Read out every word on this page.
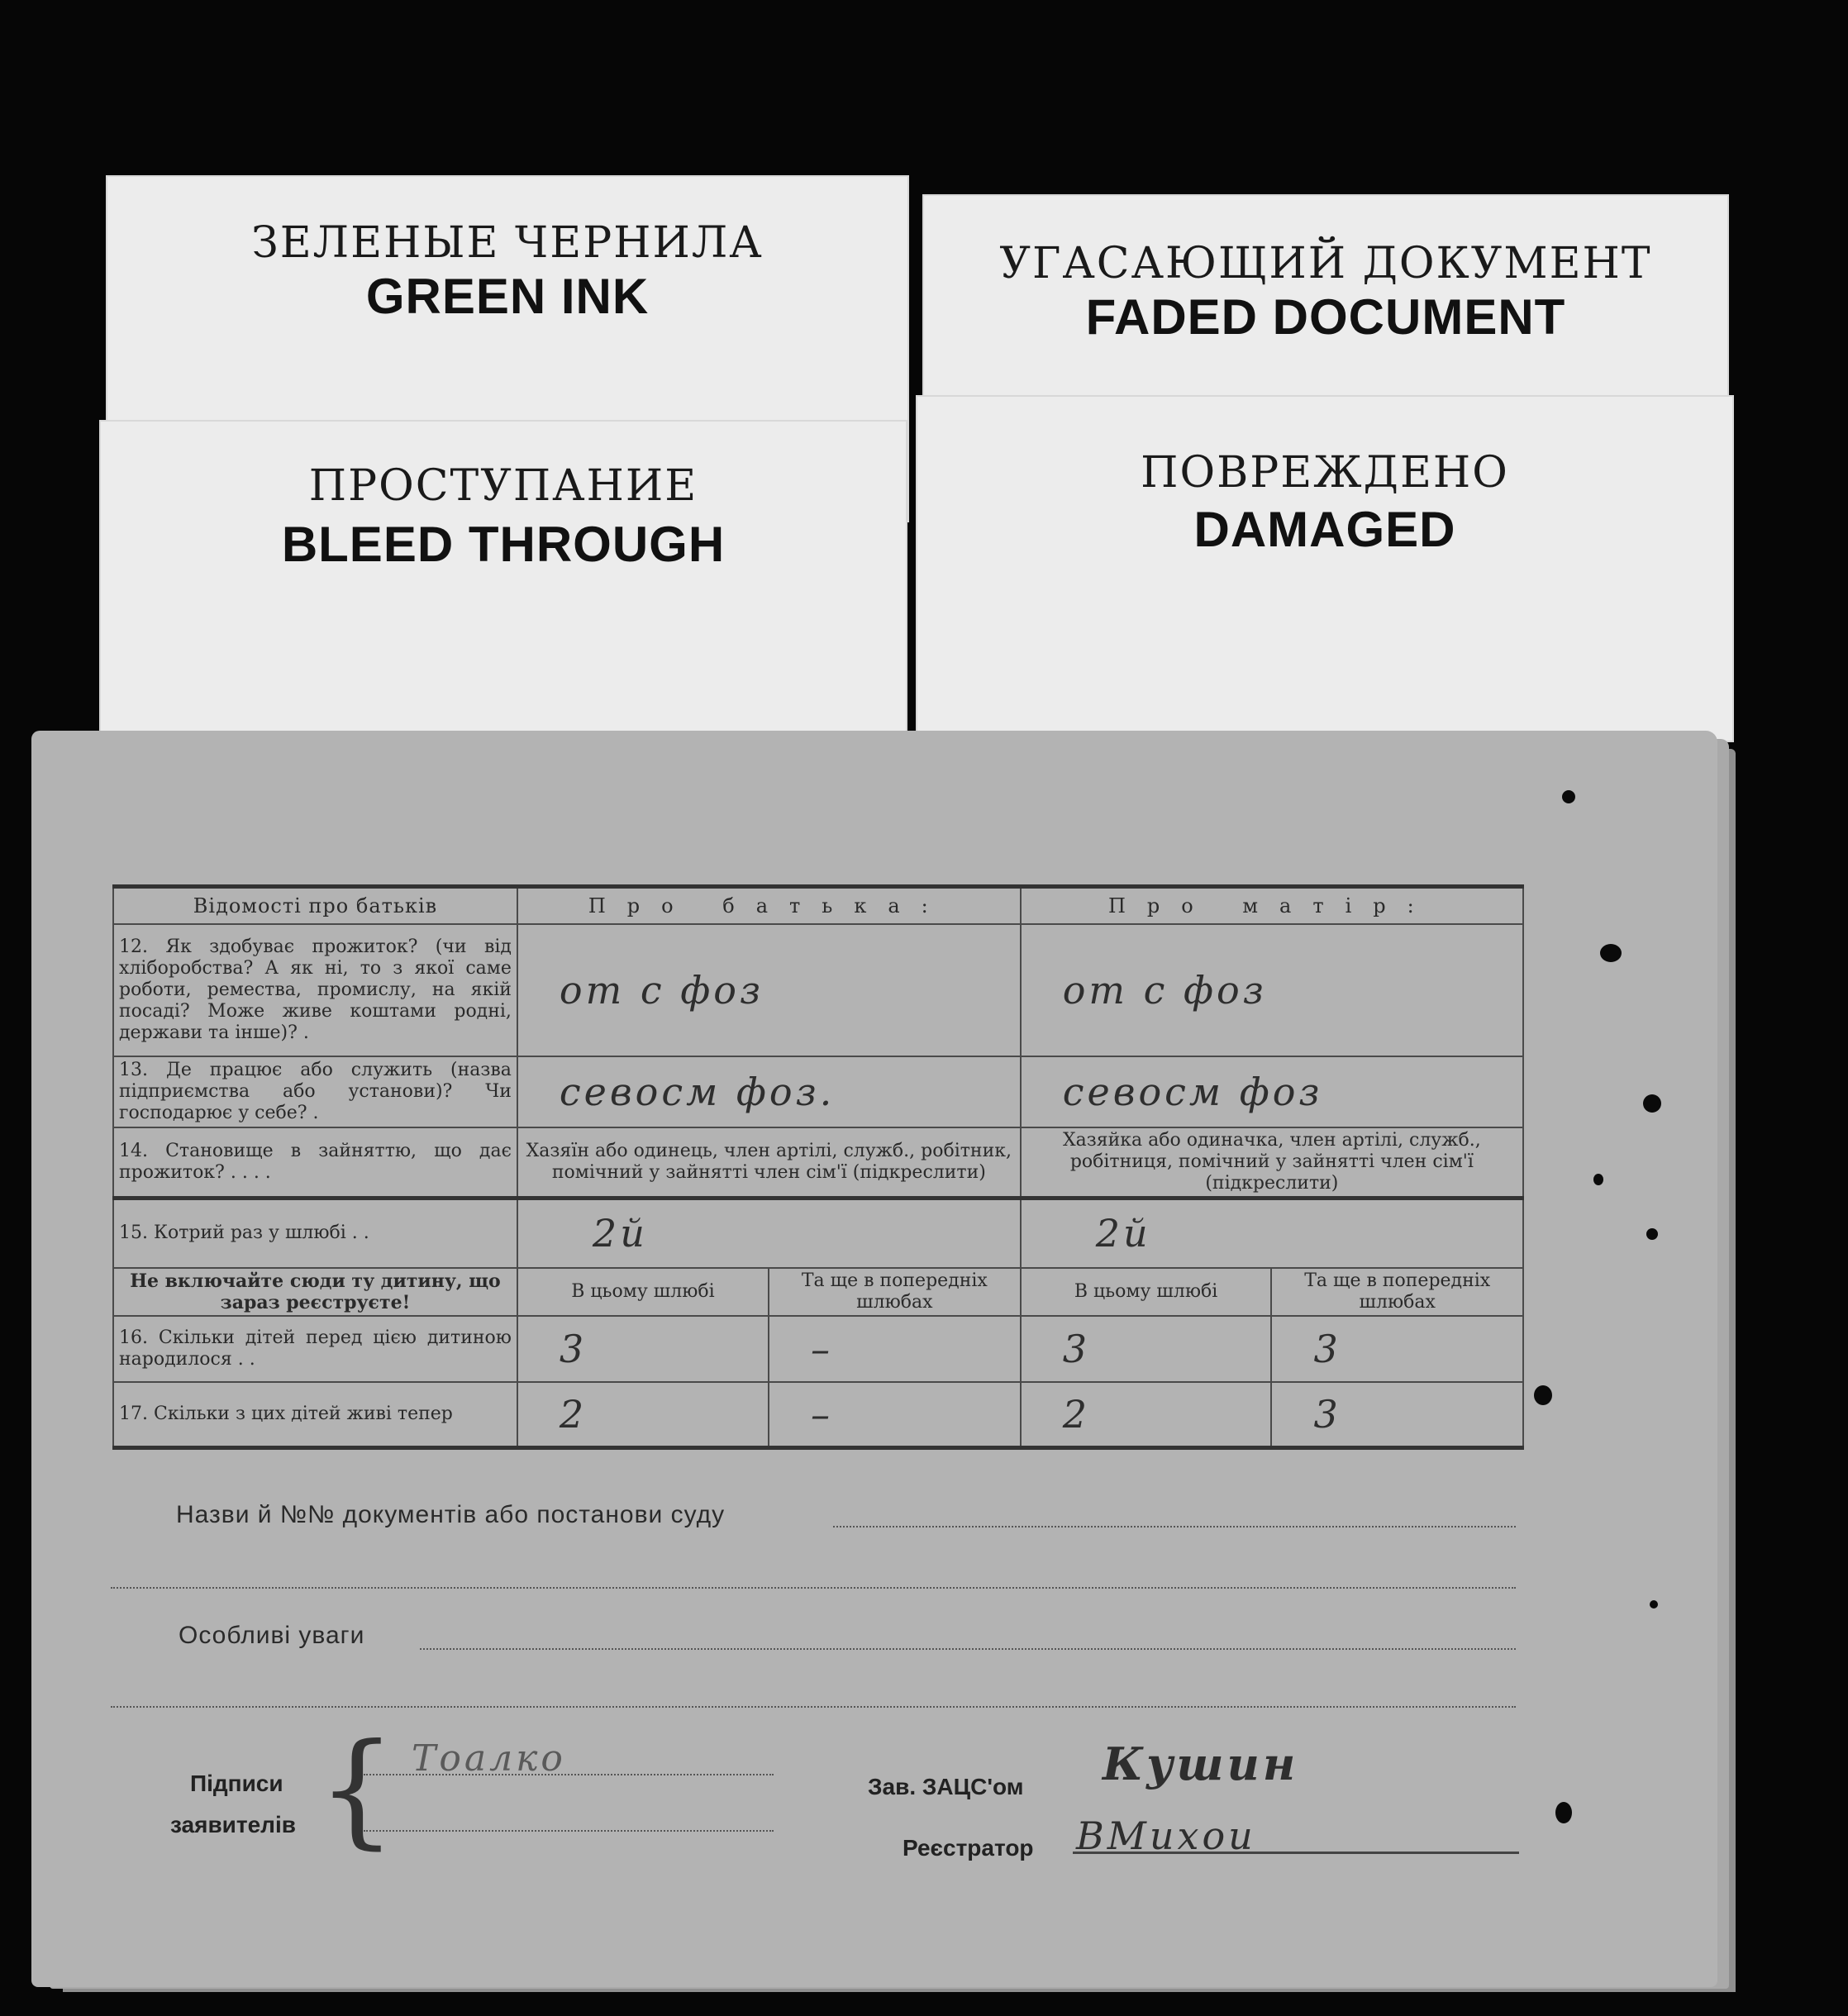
ЗЕЛЕНЫЕ ЧЕРНИЛА
GREEN INK
УГАСАЮЩИЙ ДОКУМЕНТ
FADED DOCUMENT
ПРОСТУПАНИЕ
BLEED THROUGH
ПОВРЕЖДЕНО
DAMAGED
Відомості про батьків	Про батька:		Про матір:	
12. Як здобуває прожиток? (чи від хліборобства? А як ні, то з якої саме роботи, ремества, промислу, на якій посаді? Може живе коштами родні, держави та інше)? .	от с фоз		от с фоз	
13. Де працює або служить (назва підприємства або установи)? Чи господарює у себе? .	севосм фоз.		севосм фоз	
14. Становище в зайняттю, що дає прожиток? . . . .	Хазяїн або одинець, член артілі, служб., робітник, помічний у зайнятті член сім'ї (підкреслити)		Хазяйка або одиначка, член артілі, служб., робітниця, помічний у зайнятті член сім'ї (підкреслити)	
15. Котрий раз у шлюбі . .	2й		2й	
Не включайте сюди ту дитину, що зараз реєструєте!	В цьому шлюбі	Та ще в попередніх шлюбах	В цьому шлюбі	Та ще в попередніх шлюбах
16. Скільки дітей перед цією дитиною народилося . .	3	–	3	3
17. Скільки з цих дітей живі тепер	2	–	2	3
Назви й №№ документів або постанови суду
Особливі уваги
Підписи
заявителів { Тоалко
Зав. ЗАЦС'ом Кушин
Реєстратор ВМихои
